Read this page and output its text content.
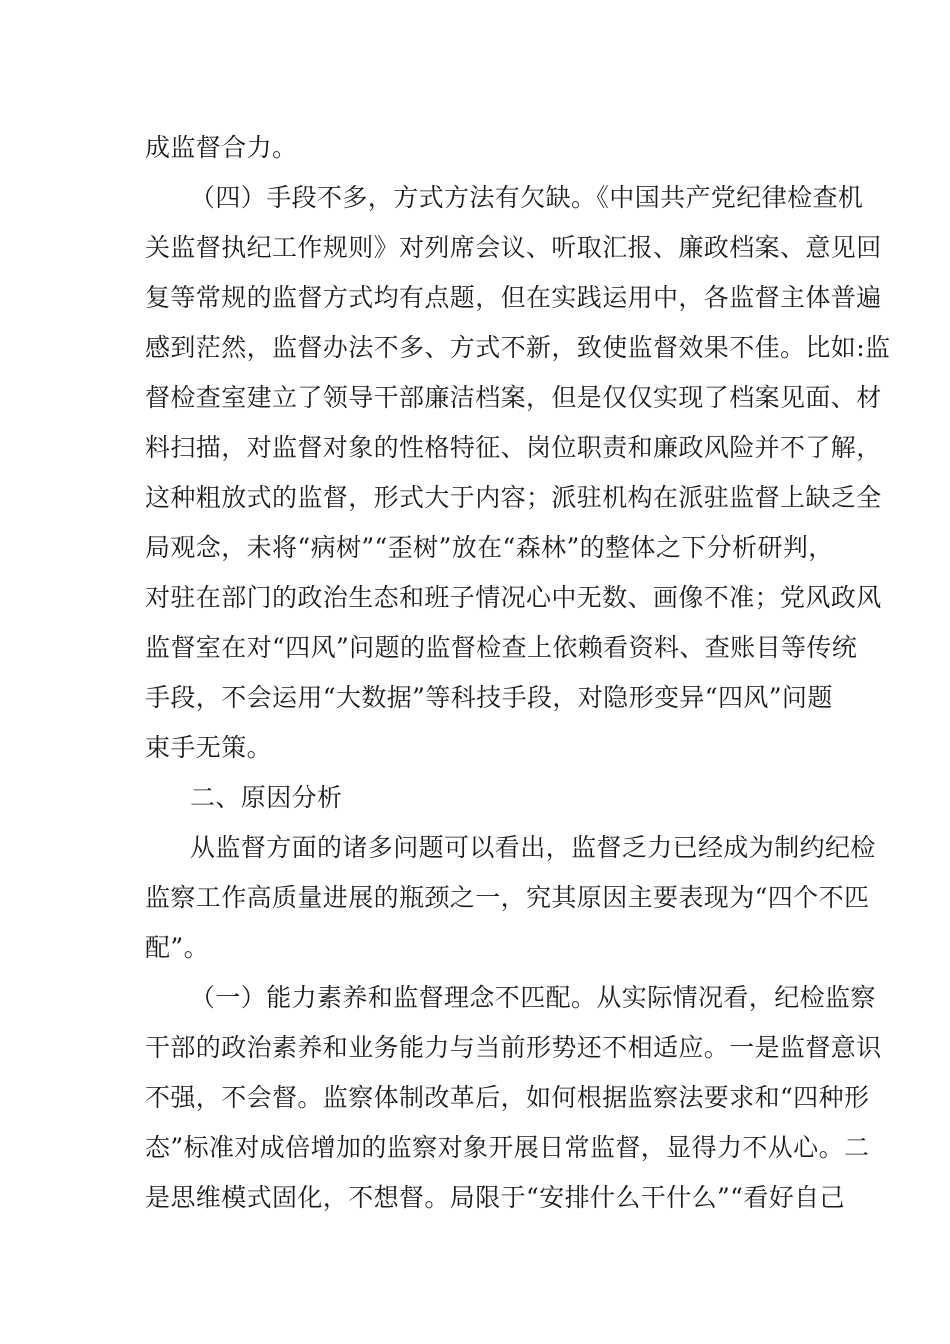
成监督合力。
（四）手段不多，方式方法有欠缺。《中国共产党纪律检查机
关监督执纪工作规则》对列席会议、听取汇报、廉政档案、意见回
复等常规的监督方式均有点题，但在实践运用中，各监督主体普遍
感到茫然，监督办法不多、方式不新，致使监督效果不佳。比如:监
督检查室建立了领导干部廉洁档案，但是仅仅实现了档案见面、材
料扫描，对监督对象的性格特征、岗位职责和廉政风险并不了解，
这种粗放式的监督，形式大于内容；派驻机构在派驻监督上缺乏全
局观念，未将“病树”“歪树”放在“森林”的整体之下分析研判，
对驻在部门的政治生态和班子情况心中无数、画像不准；党风政风
监督室在对“四风”问题的监督检查上依赖看资料、查账目等传统
手段，不会运用“大数据”等科技手段，对隐形变异“四风”问题
束手无策。
二、原因分析
从监督方面的诸多问题可以看出，监督乏力已经成为制约纪检
监察工作高质量进展的瓶颈之一，究其原因主要表现为“四个不匹
配”。
（一）能力素养和监督理念不匹配。从实际情况看，纪检监察
干部的政治素养和业务能力与当前形势还不相适应。一是监督意识
不强，不会督。监察体制改革后，如何根据监察法要求和“四种形
态”标准对成倍增加的监察对象开展日常监督，显得力不从心。二
是思维模式固化，不想督。局限于“安排什么干什么”“看好自己
